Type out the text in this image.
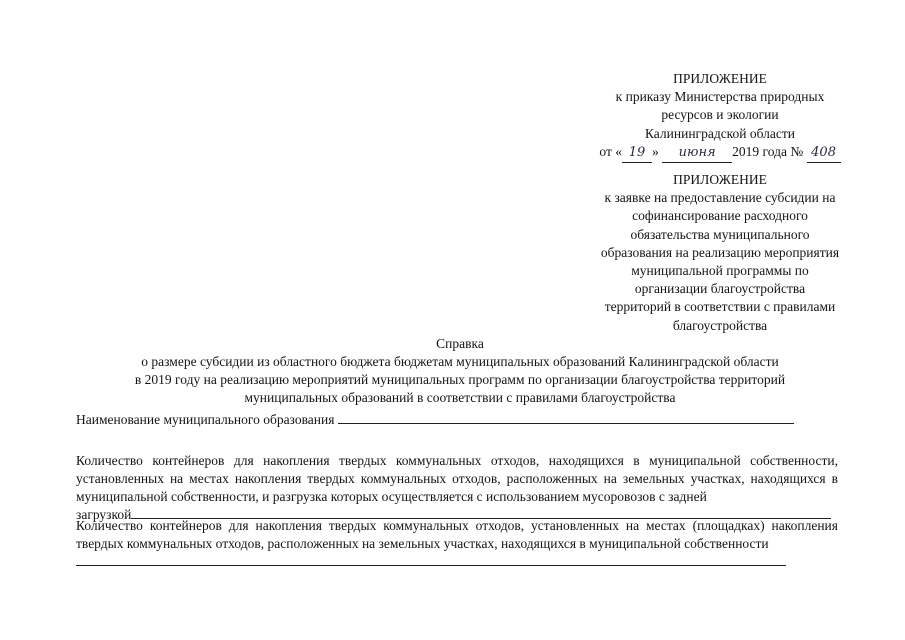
ПРИЛОЖЕНИЕ
к приказу Министерства природных
ресурсов и экологии
Калининградской области
от « 19 » июня 2019 года № 408
ПРИЛОЖЕНИЕ
к заявке на предоставление субсидии на
софинансирование расходного
обязательства муниципального
образования на реализацию мероприятия
муниципальной программы по
организации благоустройства
территорий в соответствии с правилами
благоустройства
Справка
о размере субсидии из областного бюджета бюджетам муниципальных образований Калининградской области
в 2019 году на реализацию мероприятий муниципальных программ по организации благоустройства территорий
муниципальных образований в соответствии с правилами благоустройства
Наименование муниципального образования
Количество контейнеров для накопления твердых коммунальных отходов, находящихся в муниципальной собственности, установленных на местах накопления твердых коммунальных отходов, расположенных на земельных участках, находящихся в муниципальной собственности, и разгрузка которых осуществляется с использованием мусоровозов с задней
загрузкой
Количество контейнеров для накопления твердых коммунальных отходов, установленных на местах (площадках) накопления твердых коммунальных отходов, расположенных на земельных участках, находящихся в муниципальной собственности
